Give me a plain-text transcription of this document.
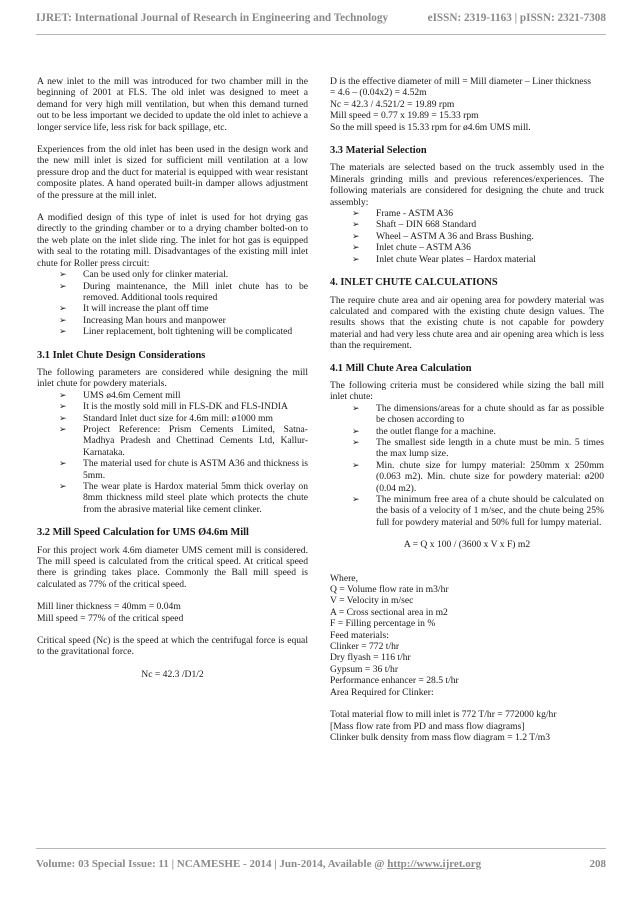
IJRET: International Journal of Research in Engineering and Technology	eISSN: 2319-1163 | pISSN: 2321-7308

A new inlet to the mill was introduced for two chamber mill in the beginning of 2001 at FLS. The old inlet was designed to meet a demand for very high mill ventilation, but when this demand turned out to be less important we decided to update the old inlet to achieve a longer service life, less risk for back spillage, etc.

Experiences from the old inlet has been used in the design work and the new mill inlet is sized for sufficient mill ventilation at a low pressure drop and the duct for material is equipped with wear resistant composite plates. A hand operated built-in damper allows adjustment of the pressure at the mill inlet.

A modified design of this type of inlet is used for hot drying gas directly to the grinding chamber or to a drying chamber bolted-on to the web plate on the inlet slide ring. The inlet for hot gas is equipped with seal to the rotating mill. Disadvantages of the existing mill inlet chute for Roller press circuit:

➢ Can be used only for clinker material.
➢ During maintenance, the Mill inlet chute has to be removed. Additional tools required
➢ It will increase the plant off time
➢ Increasing Man hours and manpower
➢ Liner replacement, bolt tightening will be complicated
3.1 Inlet Chute Design Considerations

The following parameters are considered while designing the mill inlet chute for powdery materials.

➢ UMS ø4.6m Cement mill
➢ It is the mostly sold mill in FLS-DK and FLS-INDIA
➢ Standard Inlet duct size for 4.6m mill: ø1000 mm
➢ Project Reference: Prism Cements Limited, Satna-Madhya Pradesh and Chettinad Cements Ltd, Kallur-Karnataka.
➢ The material used for chute is ASTM A36 and thickness is 5mm.
➢ The wear plate is Hardox material 5mm thick overlay on 8mm thickness mild steel plate which protects the chute from the abrasive material like cement clinker.
3.2 Mill Speed Calculation for UMS Ø4.6m Mill

For this project work 4.6m diameter UMS cement mill is considered. The mill speed is calculated from the critical speed. At critical speed there is grinding takes place. Commonly the Ball mill speed is calculated as 77% of the critical speed.

Mill liner thickness = 40mm = 0.04m
Mill speed = 77% of the critical speed

Critical speed (Nc) is the speed at which the centrifugal force is equal to the gravitational force.

Nc = 42.3 /D1/2

D is the effective diameter of mill = Mill diameter – Liner thickness

= 4.6 – (0.04x2) = 4.52m
Nc = 42.3 / 4.521/2 = 19.89 rpm
Mill speed = 0.77 x 19.89 = 15.33 rpm
So the mill speed is 15.33 rpm for ø4.6m UMS mill.
3.3 Material Selection

The materials are selected based on the truck assembly used in the Minerals grinding mills and previous references/experiences. The following materials are considered for designing the chute and truck assembly:

➢ Frame - ASTM A36
➢ Shaft – DIN 668 Standard
➢ Wheel – ASTM A 36 and Brass Bushing.
➢ Inlet chute – ASTM A36
➢ Inlet chute Wear plates – Hardox material
4. INLET CHUTE CALCULATIONS

The require chute area and air opening area for powdery material was calculated and compared with the existing chute design values. The results shows that the existing chute is not capable for powdery material and had very less chute area and air opening area which is less than the requirement.

4.1 Mill Chute Area Calculation

The following criteria must be considered while sizing the ball mill inlet chute:

➢ The dimensions/areas for a chute should as far as possible be chosen according to
➢ the outlet flange for a machine.
➢ The smallest side length in a chute must be min. 5 times the max lump size.
➢ Min. chute size for lumpy material: 250mm x 250mm (0.063 m2). Min. chute size for powdery material: ø200 (0.04 m2).
➢ The minimum free area of a chute should be calculated on the basis of a velocity of 1 m/sec, and the chute being 25% full for powdery material and 50% full for lumpy material.

A = Q x 100 / (3600 x V x F) m2

Where,
Q = Volume flow rate in m3/hr
V = Velocity in m/sec
A = Cross sectional area in m2
F = Filling percentage in %
Feed materials:
Clinker = 772 t/hr
Dry flyash = 116 t/hr
Gypsum = 36 t/hr
Performance enhancer = 28.5 t/hr
Area Required for Clinker:
Total material flow to mill inlet is 772 T/hr = 772000 kg/hr
[Mass flow rate from PD and mass flow diagrams]
Clinker bulk density from mass flow diagram = 1.2 T/m3
Volume: 03 Special Issue: 11 | NCAMESHE - 2014 | Jun-2014, Available @ http://www.ijret.org	208
